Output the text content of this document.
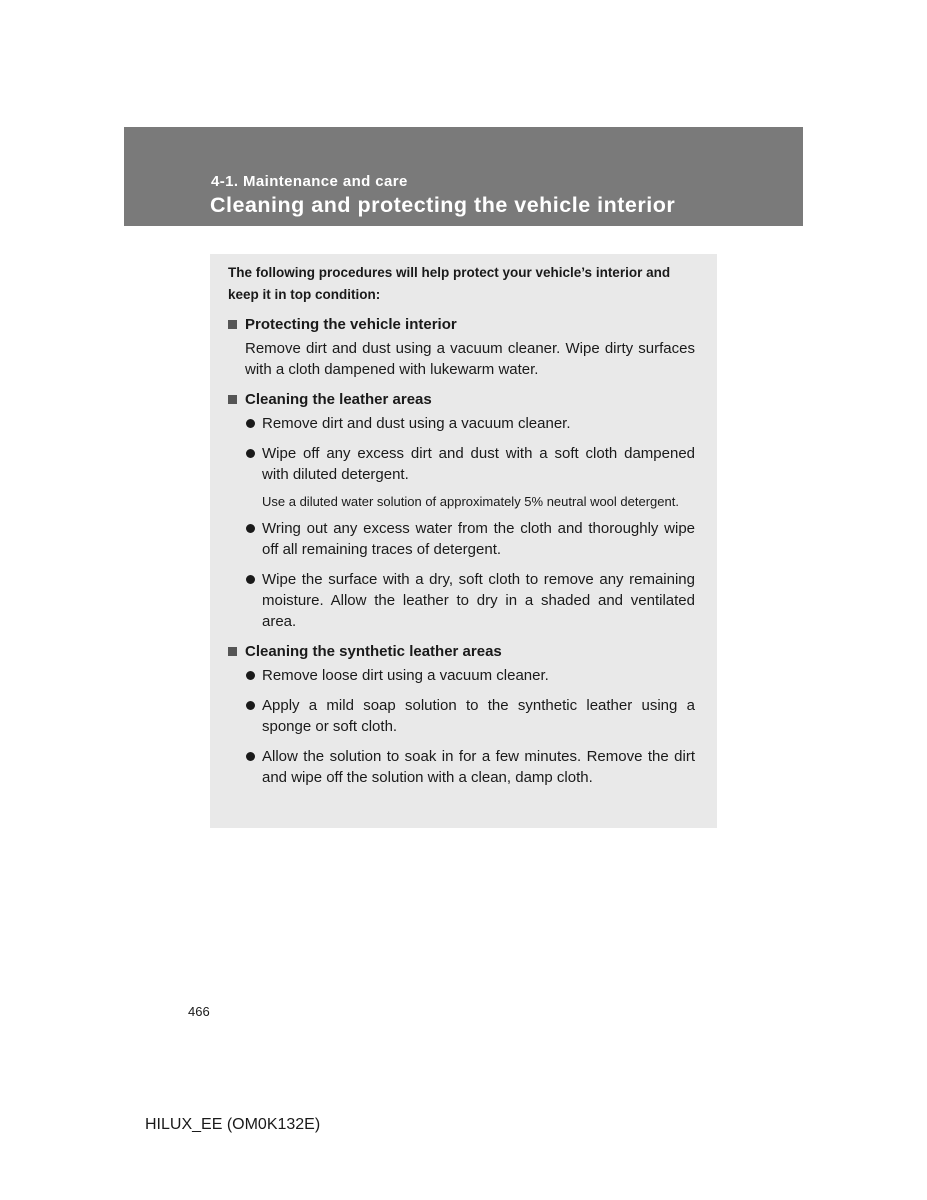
4-1. Maintenance and care
Cleaning and protecting the vehicle interior

The following procedures will help protect your vehicle’s interior and keep it in top condition:

Protecting the vehicle interior
Remove dirt and dust using a vacuum cleaner. Wipe dirty surfaces with a cloth dampened with lukewarm water.
Cleaning the leather areas
Remove dirt and dust using a vacuum cleaner.
Wipe off any excess dirt and dust with a soft cloth dampened with diluted detergent.
Use a diluted water solution of approximately 5% neutral wool detergent.
Wring out any excess water from the cloth and thoroughly wipe off all remaining traces of detergent.
Wipe the surface with a dry, soft cloth to remove any remaining moisture. Allow the leather to dry in a shaded and ventilated area.
Cleaning the synthetic leather areas
Remove loose dirt using a vacuum cleaner.
Apply a mild soap solution to the synthetic leather using a sponge or soft cloth.
Allow the solution to soak in for a few minutes. Remove the dirt and wipe off the solution with a clean, damp cloth.
466
HILUX_EE (OM0K132E)
